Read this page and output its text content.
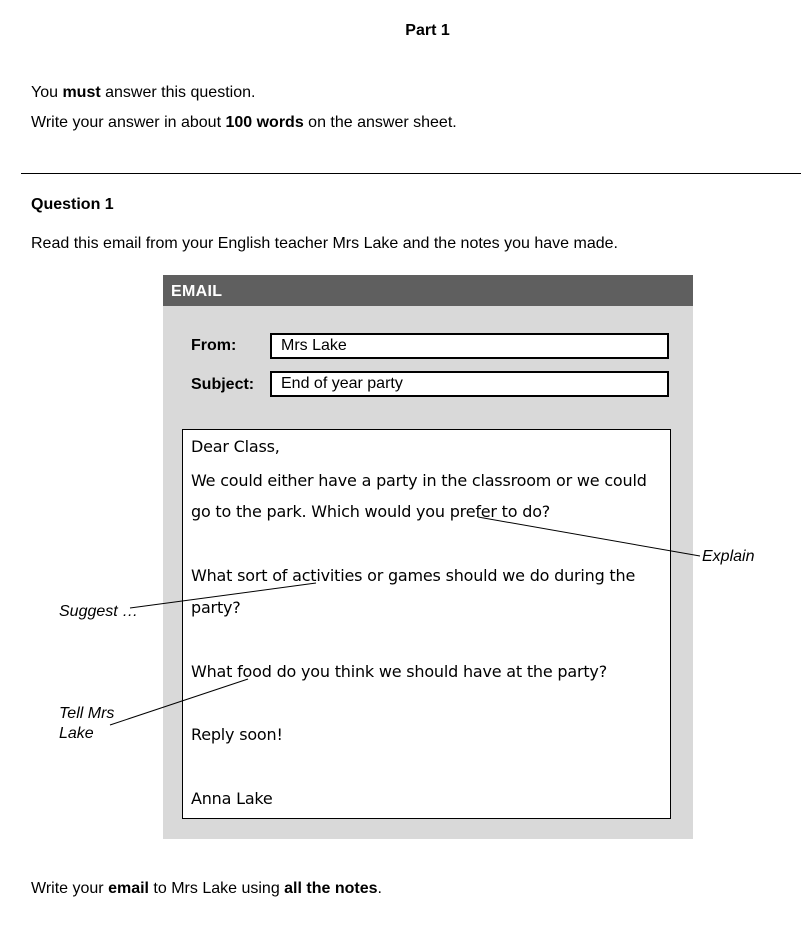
Part 1
You must answer this question.
Write your answer in about 100 words on the answer sheet.
Question 1
Read this email from your English teacher Mrs Lake and the notes you have made.
EMAIL
From:	Mrs Lake
Subject:	End of year party
Dear Class,
We could either have a party in the classroom or we could
go to the park. Which would you prefer to do?
What sort of activities or games should we do during the
party?
What food do you think we should have at the party?
Reply soon!
Anna Lake
Explain
Suggest …
Tell Mrs
Lake
Write your email to Mrs Lake using all the notes.
